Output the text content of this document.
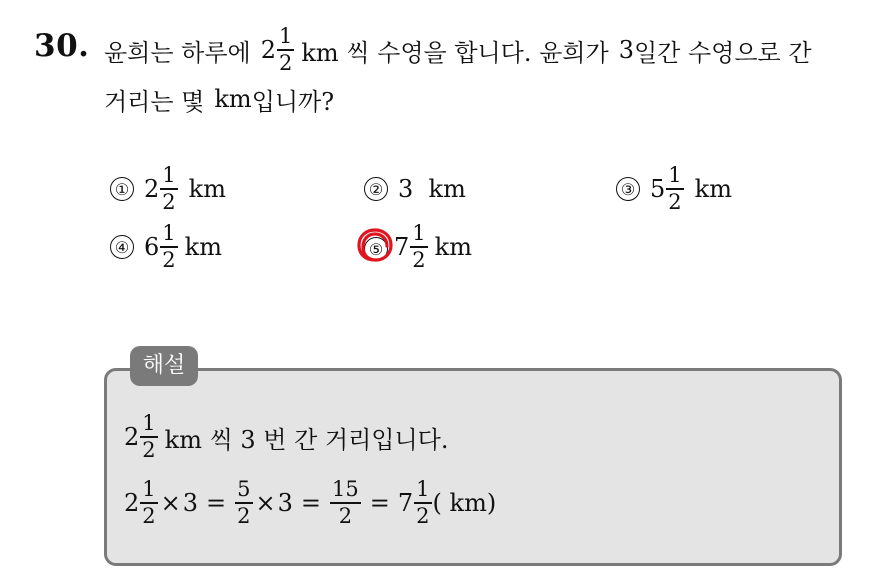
30. 윤희는 하루에 $2 \frac{1}{2}$ km 씩 수영을 합니다. 윤희가 3 일간 수영으로 간
거리는 몇 km 입니까?
① $2 \frac{1}{2}$ km	② 3  km	③ $5 \frac{1}{2}$ km
④ $6 \frac{1}{2}$ km	⑤ $7 \frac{1}{2}$ km
해설
$2 \frac{1}{2}$ km 씩 3 번 간 거리입니다.
$2 \frac{1}{2} \times 3 = \frac{5}{2} \times 3 = \frac{15}{2} = 7 \frac{1}{2}$ ( km)
